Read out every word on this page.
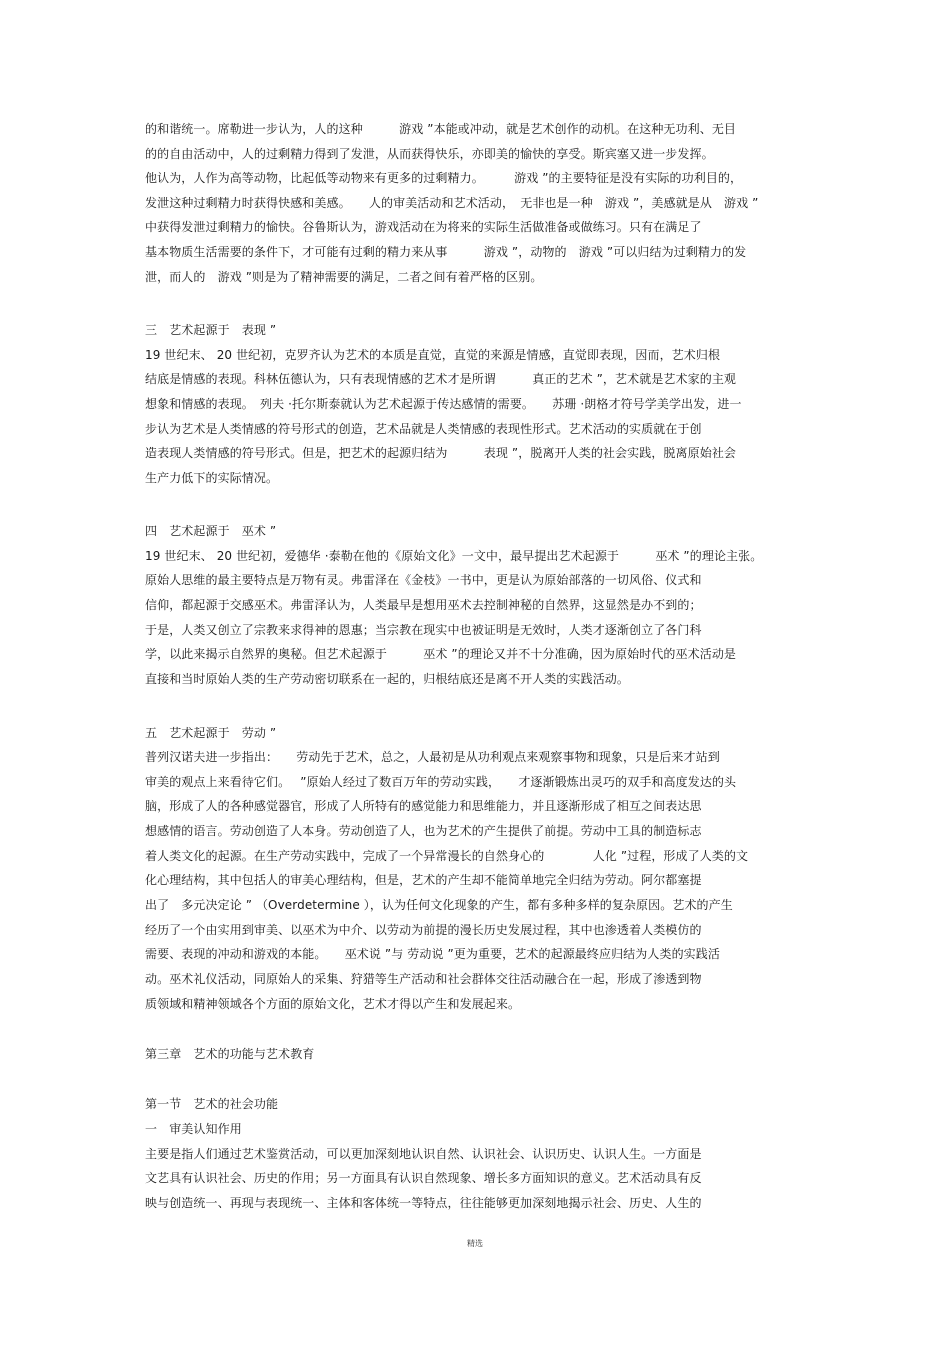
的和谐统一。席勒进一步认为，人的这种　　　游戏 ”本能或冲动，就是艺术创作的动机。在这种无功利、无目

的的自由活动中，人的过剩精力得到了发泄，从而获得快乐，亦即美的愉快的享受。斯宾塞又进一步发挥。

他认为，人作为高等动物，比起低等动物来有更多的过剩精力。　　　游戏 ”的主要特征是没有实际的功利目的，

发泄这种过剩精力时获得快感和美感。　　人的审美活动和艺术活动，　无非也是一种　游戏 ”，美感就是从　游戏 ”

中获得发泄过剩精力的愉快。谷鲁斯认为，游戏活动在为将来的实际生活做准备或做练习。只有在满足了

基本物质生活需要的条件下，才可能有过剩的精力来从事　　　游戏 ”，动物的　游戏 ”可以归结为过剩精力的发

泄，而人的　游戏 ”则是为了精神需要的满足，二者之间有着严格的区别。

三　艺术起源于　表现 ”

19 世纪末、 20 世纪初，克罗齐认为艺术的本质是直觉，直觉的来源是情感，直觉即表现，因而，艺术归根

结底是情感的表现。科林伍德认为，只有表现情感的艺术才是所谓　　　真正的艺术 ”，艺术就是艺术家的主观

想象和情感的表现。　列夫 ·托尔斯泰就认为艺术起源于传达感情的需要。　　苏珊 ·朗格才符号学美学出发，进一

步认为艺术是人类情感的符号形式的创造，艺术品就是人类情感的表现性形式。艺术活动的实质就在于创

造表现人类情感的符号形式。但是，把艺术的起源归结为　　　表现 ”，脱离开人类的社会实践，脱离原始社会

生产力低下的实际情况。

四　艺术起源于　巫术 ”

19 世纪末、 20 世纪初，爱德华 ·泰勒在他的《原始文化》一文中，最早提出艺术起源于　　　巫术 ”的理论主张。

原始人思维的最主要特点是万物有灵。弗雷泽在《金枝》一书中，更是认为原始部落的一切风俗、仪式和

信仰，都起源于交感巫术。弗雷泽认为，人类最早是想用巫术去控制神秘的自然界，这显然是办不到的；

于是，人类又创立了宗教来求得神的恩惠；当宗教在现实中也被证明是无效时，人类才逐渐创立了各门科

学，以此来揭示自然界的奥秘。但艺术起源于　　　巫术 ”的理论又并不十分准确，因为原始时代的巫术活动是

直接和当时原始人类的生产劳动密切联系在一起的，归根结底还是离不开人类的实践活动。

五　艺术起源于　劳动 ”

普列汉诺夫进一步指出：　　劳动先于艺术，总之，人最初是从功利观点来观察事物和现象，只是后来才站到

审美的观点上来看待它们。　 ”原始人经过了数百万年的劳动实践，　　才逐渐锻炼出灵巧的双手和高度发达的头

脑，形成了人的各种感觉器官，形成了人所特有的感觉能力和思维能力，并且逐渐形成了相互之间表达思

想感情的语言。劳动创造了人本身。劳动创造了人，也为艺术的产生提供了前提。劳动中工具的制造标志

着人类文化的起源。在生产劳动实践中，完成了一个异常漫长的自然身心的　　　　人化 ”过程，形成了人类的文

化心理结构，其中包括人的审美心理结构，但是，艺术的产生却不能简单地完全归结为劳动。阿尔都塞提

出了　多元决定论 ” （Overdetermine ），认为任何文化现象的产生，都有多种多样的复杂原因。艺术的产生

经历了一个由实用到审美、以巫术为中介、以劳动为前提的漫长历史发展过程，其中也渗透着人类模仿的

需要、表现的冲动和游戏的本能。　　巫术说 ”与 劳动说 ”更为重要，艺术的起源最终应归结为人类的实践活

动。巫术礼仪活动，同原始人的采集、狩猎等生产活动和社会群体交往活动融合在一起，形成了渗透到物

质领域和精神领域各个方面的原始文化，艺术才得以产生和发展起来。

第三章　艺术的功能与艺术教育

第一节　艺术的社会功能

一　审美认知作用

主要是指人们通过艺术鉴赏活动，可以更加深刻地认识自然、认识社会、认识历史、认识人生。一方面是

文艺具有认识社会、历史的作用；另一方面具有认识自然现象、增长多方面知识的意义。艺术活动具有反

映与创造统一、再现与表现统一、主体和客体统一等特点，往往能够更加深刻地揭示社会、历史、人生的

精选
